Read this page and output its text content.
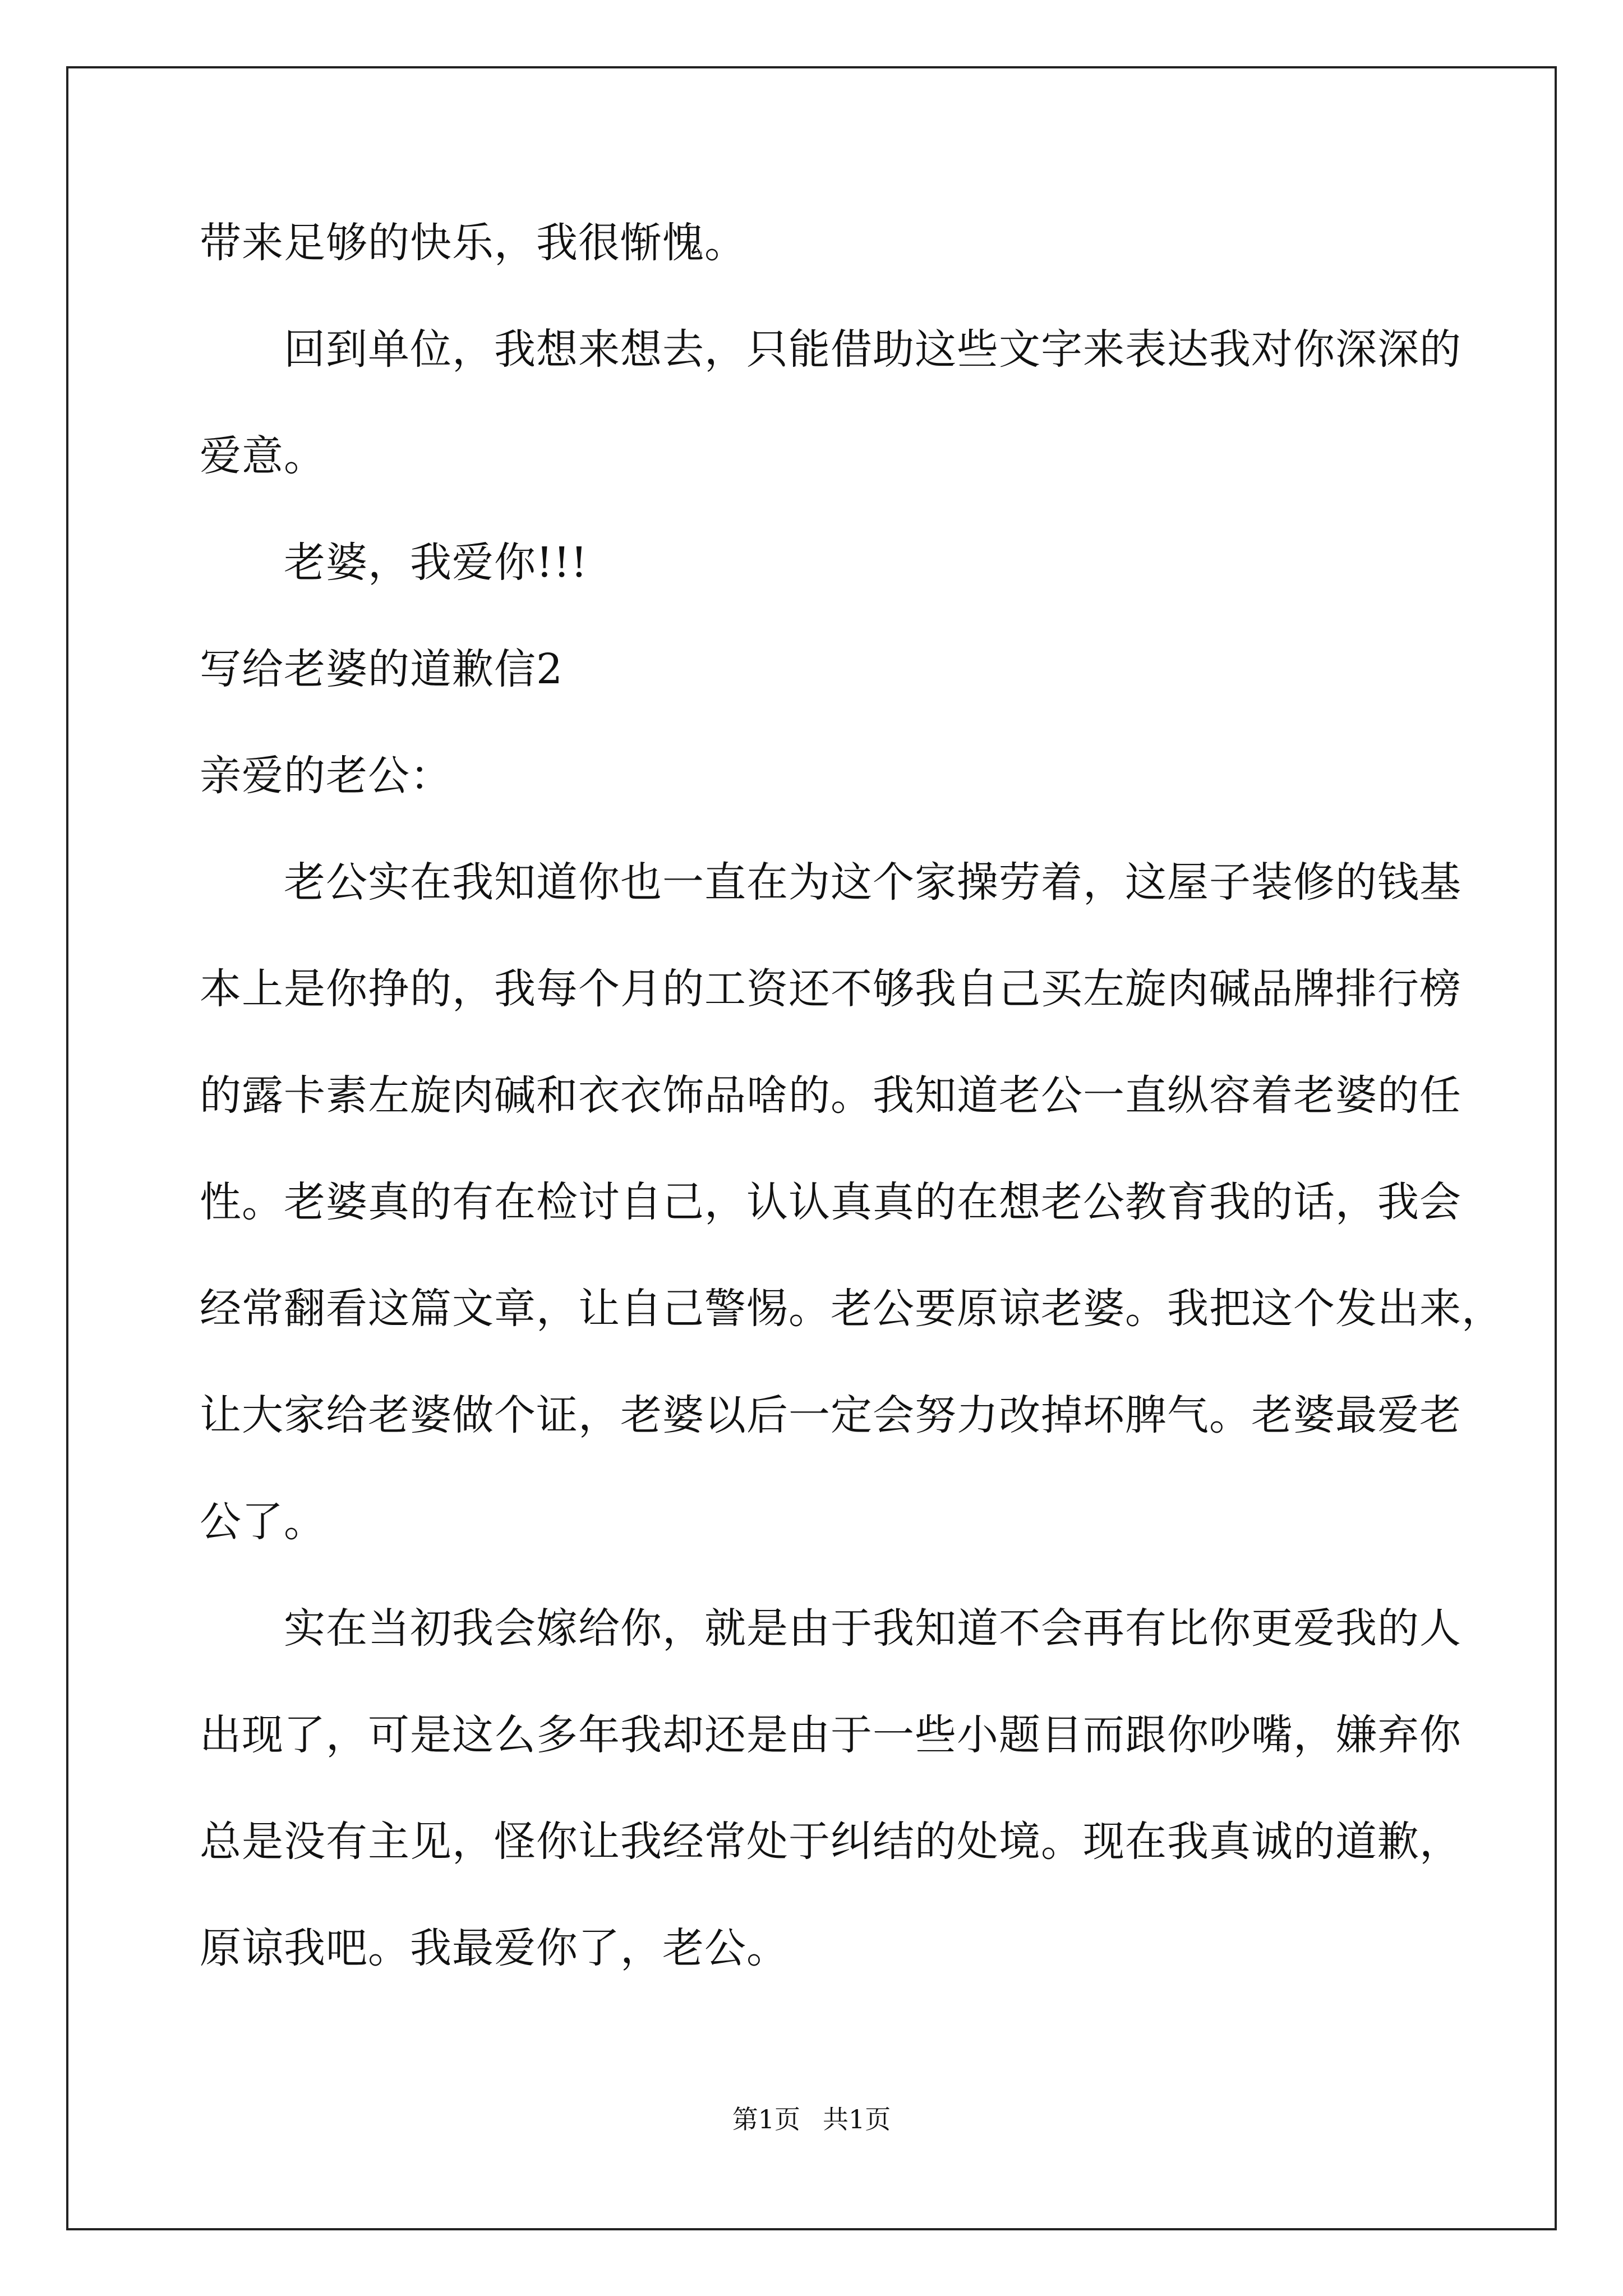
带来足够的快乐，我很惭愧。
回到单位，我想来想去，只能借助这些文字来表达我对你深深的
爱意。
老婆，我爱你!!!
写给老婆的道歉信2
亲爱的老公：
老公实在我知道你也一直在为这个家操劳着，这屋子装修的钱基
本上是你挣的，我每个月的工资还不够我自己买左旋肉碱品牌排行榜
的露卡素左旋肉碱和衣衣饰品啥的。我知道老公一直纵容着老婆的任
性。老婆真的有在检讨自己，认认真真的在想老公教育我的话，我会
经常翻看这篇文章，让自己警惕。老公要原谅老婆。我把这个发出来，
让大家给老婆做个证，老婆以后一定会努力改掉坏脾气。老婆最爱老
公了。
实在当初我会嫁给你，就是由于我知道不会再有比你更爱我的人
出现了，可是这么多年我却还是由于一些小题目而跟你吵嘴，嫌弃你
总是没有主见，怪你让我经常处于纠结的处境。现在我真诚的道歉，
原谅我吧。我最爱你了，老公。
第1页 共1页
